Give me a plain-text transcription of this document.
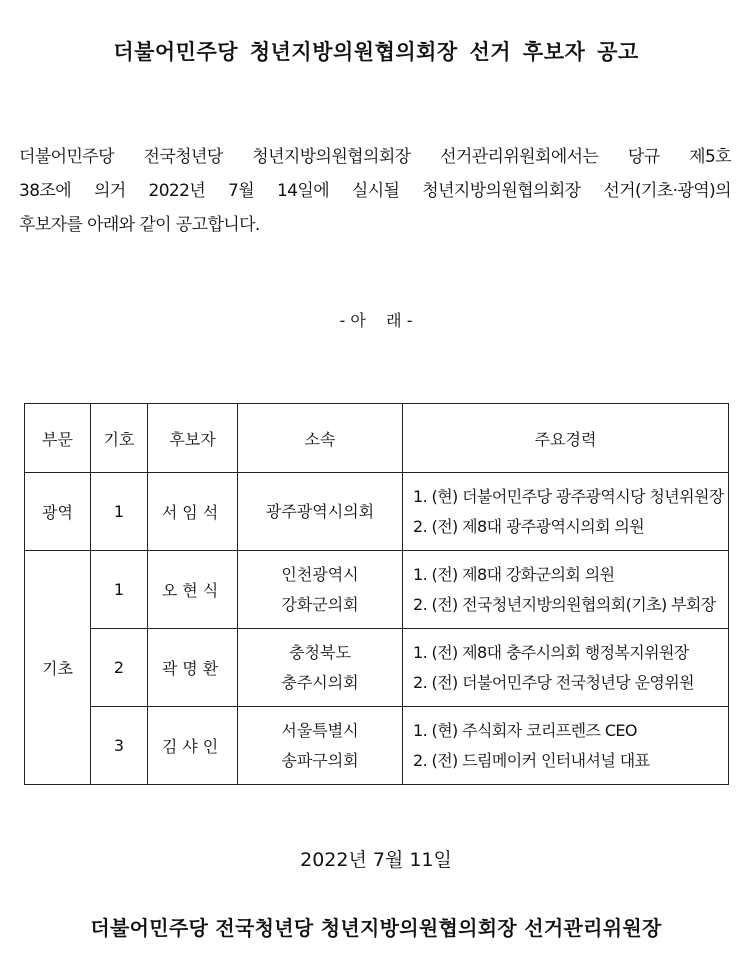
더불어민주당 청년지방의원협의회장 선거 후보자 공고
더불어민주당 전국청년당 청년지방의원협의회장 선거관리위원회에서는 당규 제5호
38조에 의거 2022년 7월 14일에 실시될 청년지방의원협의회장 선거(기초·광역)의
후보자를 아래와 같이 공고합니다.
- 아    래 -
부문	기호	후보자	소속	주요경력
광역	1	서임석	광주광역시의회	1. (현) 더불어민주당 광주광역시당 청년위원장
2. (전) 제8대 광주광역시의회 의원

기초	1	오현식	인천광역시
강화군의회	1. (전) 제8대 강화군의회 의원
2. (전) 전국청년지방의원협의회(기초) 부회장

	2	곽명환	충청북도
충주시의회	1. (전) 제8대 충주시의회 행정복지위원장
2. (전) 더불어민주당 전국청년당 운영위원

	3	김샤인	서울특별시
송파구의회	1. (현) 주식회자 코리프렌즈 CEO
2. (전) 드림메이커 인터내셔널 대표
2022년 7월 11일
더불어민주당 전국청년당 청년지방의원협의회장 선거관리위원장
